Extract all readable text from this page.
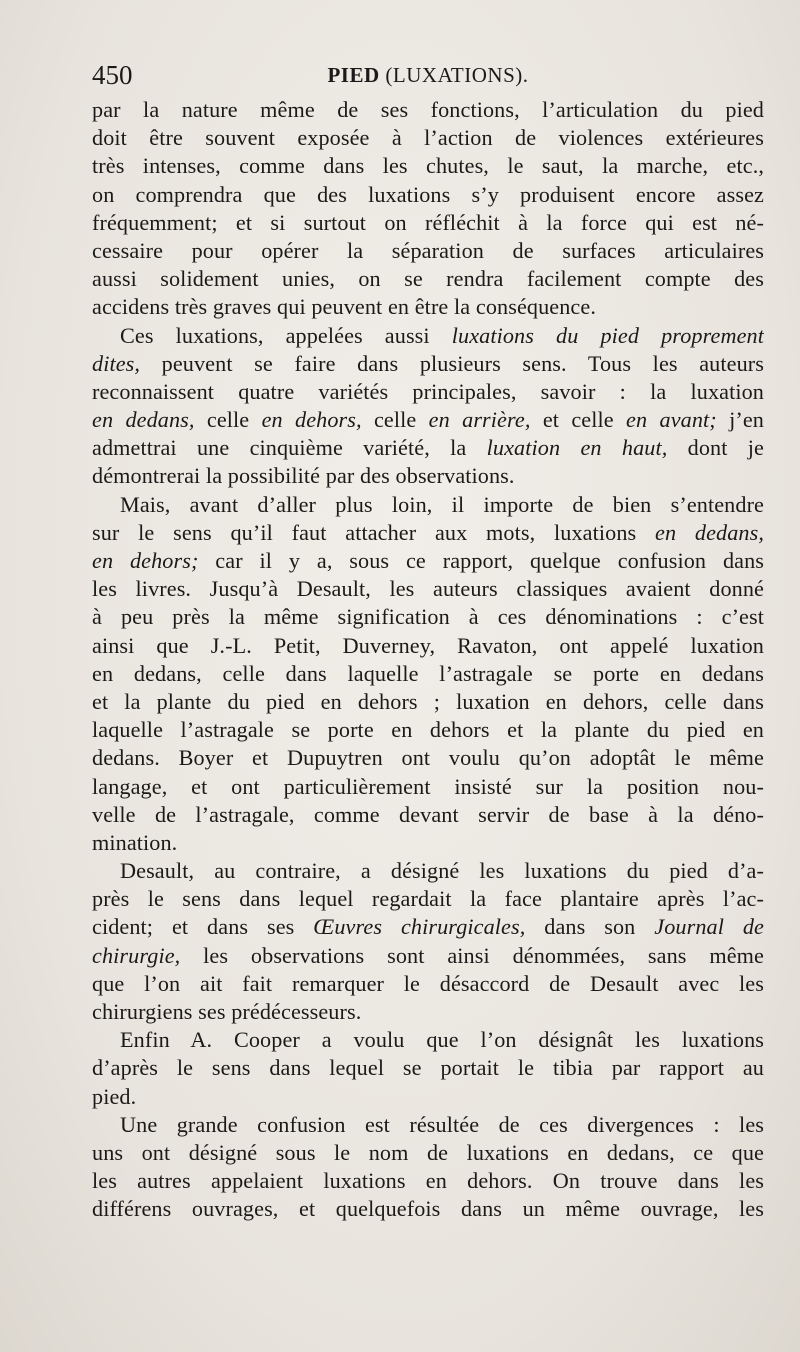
450	PIED (LUXATIONS).
par la nature même de ses fonctions, l’articulation du pied
doit être souvent exposée à l’action de violences extérieures
très intenses, comme dans les chutes, le saut, la marche, etc.,
on comprendra que des luxations s’y produisent encore assez
fréquemment; et si surtout on réfléchit à la force qui est né-
cessaire pour opérer la séparation de surfaces articulaires
aussi solidement unies, on se rendra facilement compte des
accidens très graves qui peuvent en être la conséquence.
Ces luxations, appelées aussi luxations du pied proprement
dites, peuvent se faire dans plusieurs sens. Tous les auteurs
reconnaissent quatre variétés principales, savoir : la luxation
en dedans, celle en dehors, celle en arrière, et celle en avant; j’en
admettrai une cinquième variété, la luxation en haut, dont je
démontrerai la possibilité par des observations.
Mais, avant d’aller plus loin, il importe de bien s’entendre
sur le sens qu’il faut attacher aux mots, luxations en dedans,
en dehors; car il y a, sous ce rapport, quelque confusion dans
les livres. Jusqu’à Desault, les auteurs classiques avaient donné
à peu près la même signification à ces dénominations : c’est
ainsi que J.-L. Petit, Duverney, Ravaton, ont appelé luxation
en dedans, celle dans laquelle l’astragale se porte en dedans
et la plante du pied en dehors ; luxation en dehors, celle dans
laquelle l’astragale se porte en dehors et la plante du pied en
dedans. Boyer et Dupuytren ont voulu qu’on adoptât le même
langage, et ont particulièrement insisté sur la position nou-
velle de l’astragale, comme devant servir de base à la déno-
mination.
Desault, au contraire, a désigné les luxations du pied d’a-
près le sens dans lequel regardait la face plantaire après l’ac-
cident; et dans ses Œuvres chirurgicales, dans son Journal de
chirurgie, les observations sont ainsi dénommées, sans même
que l’on ait fait remarquer le désaccord de Desault avec les
chirurgiens ses prédécesseurs.
Enfin A. Cooper a voulu que l’on désignât les luxations
d’après le sens dans lequel se portait le tibia par rapport au
pied.
Une grande confusion est résultée de ces divergences : les
uns ont désigné sous le nom de luxations en dedans, ce que
les autres appelaient luxations en dehors. On trouve dans les
différens ouvrages, et quelquefois dans un même ouvrage, les
